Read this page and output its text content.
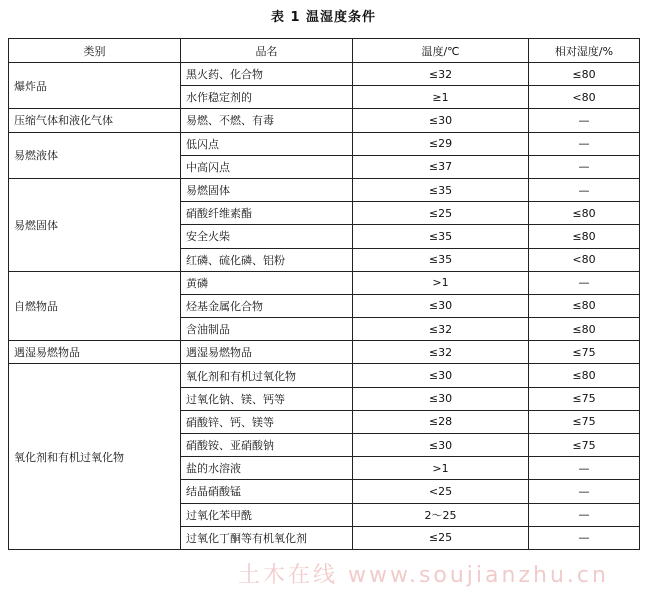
表 1 温湿度条件
类别	品名	温度/℃	相对湿度/%
爆炸品	黑火药、化合物	≤32	≤80
	水作稳定剂的	≥1	<80
压缩气体和液化气体	易燃、不燃、有毒	≤30	—
易燃液体	低闪点	≤29	—
	中高闪点	≤37	—
易燃固体	易燃固体	≤35	—
	硝酸纤维素酯	≤25	≤80
	安全火柴	≤35	≤80
	红磷、硫化磷、铝粉	≤35	<80
自燃物品	黄磷	>1	—
	烃基金属化合物	≤30	≤80
	含油制品	≤32	≤80
遇湿易燃物品	遇湿易燃物品	≤32	≤75
氧化剂和有机过氧化物	氧化剂和有机过氧化物	≤30	≤80
	过氧化钠、镁、钙等	≤30	≤75
	硝酸锌、钙、镁等	≤28	≤75
	硝酸铵、亚硝酸钠	≤30	≤75
	盐的水溶液	>1	—
	结晶硝酸锰	<25	—
	过氧化苯甲酰	2～25	—
	过氧化丁酮等有机氧化剂	≤25	—
土木在线 www.soujianzhu.cn
